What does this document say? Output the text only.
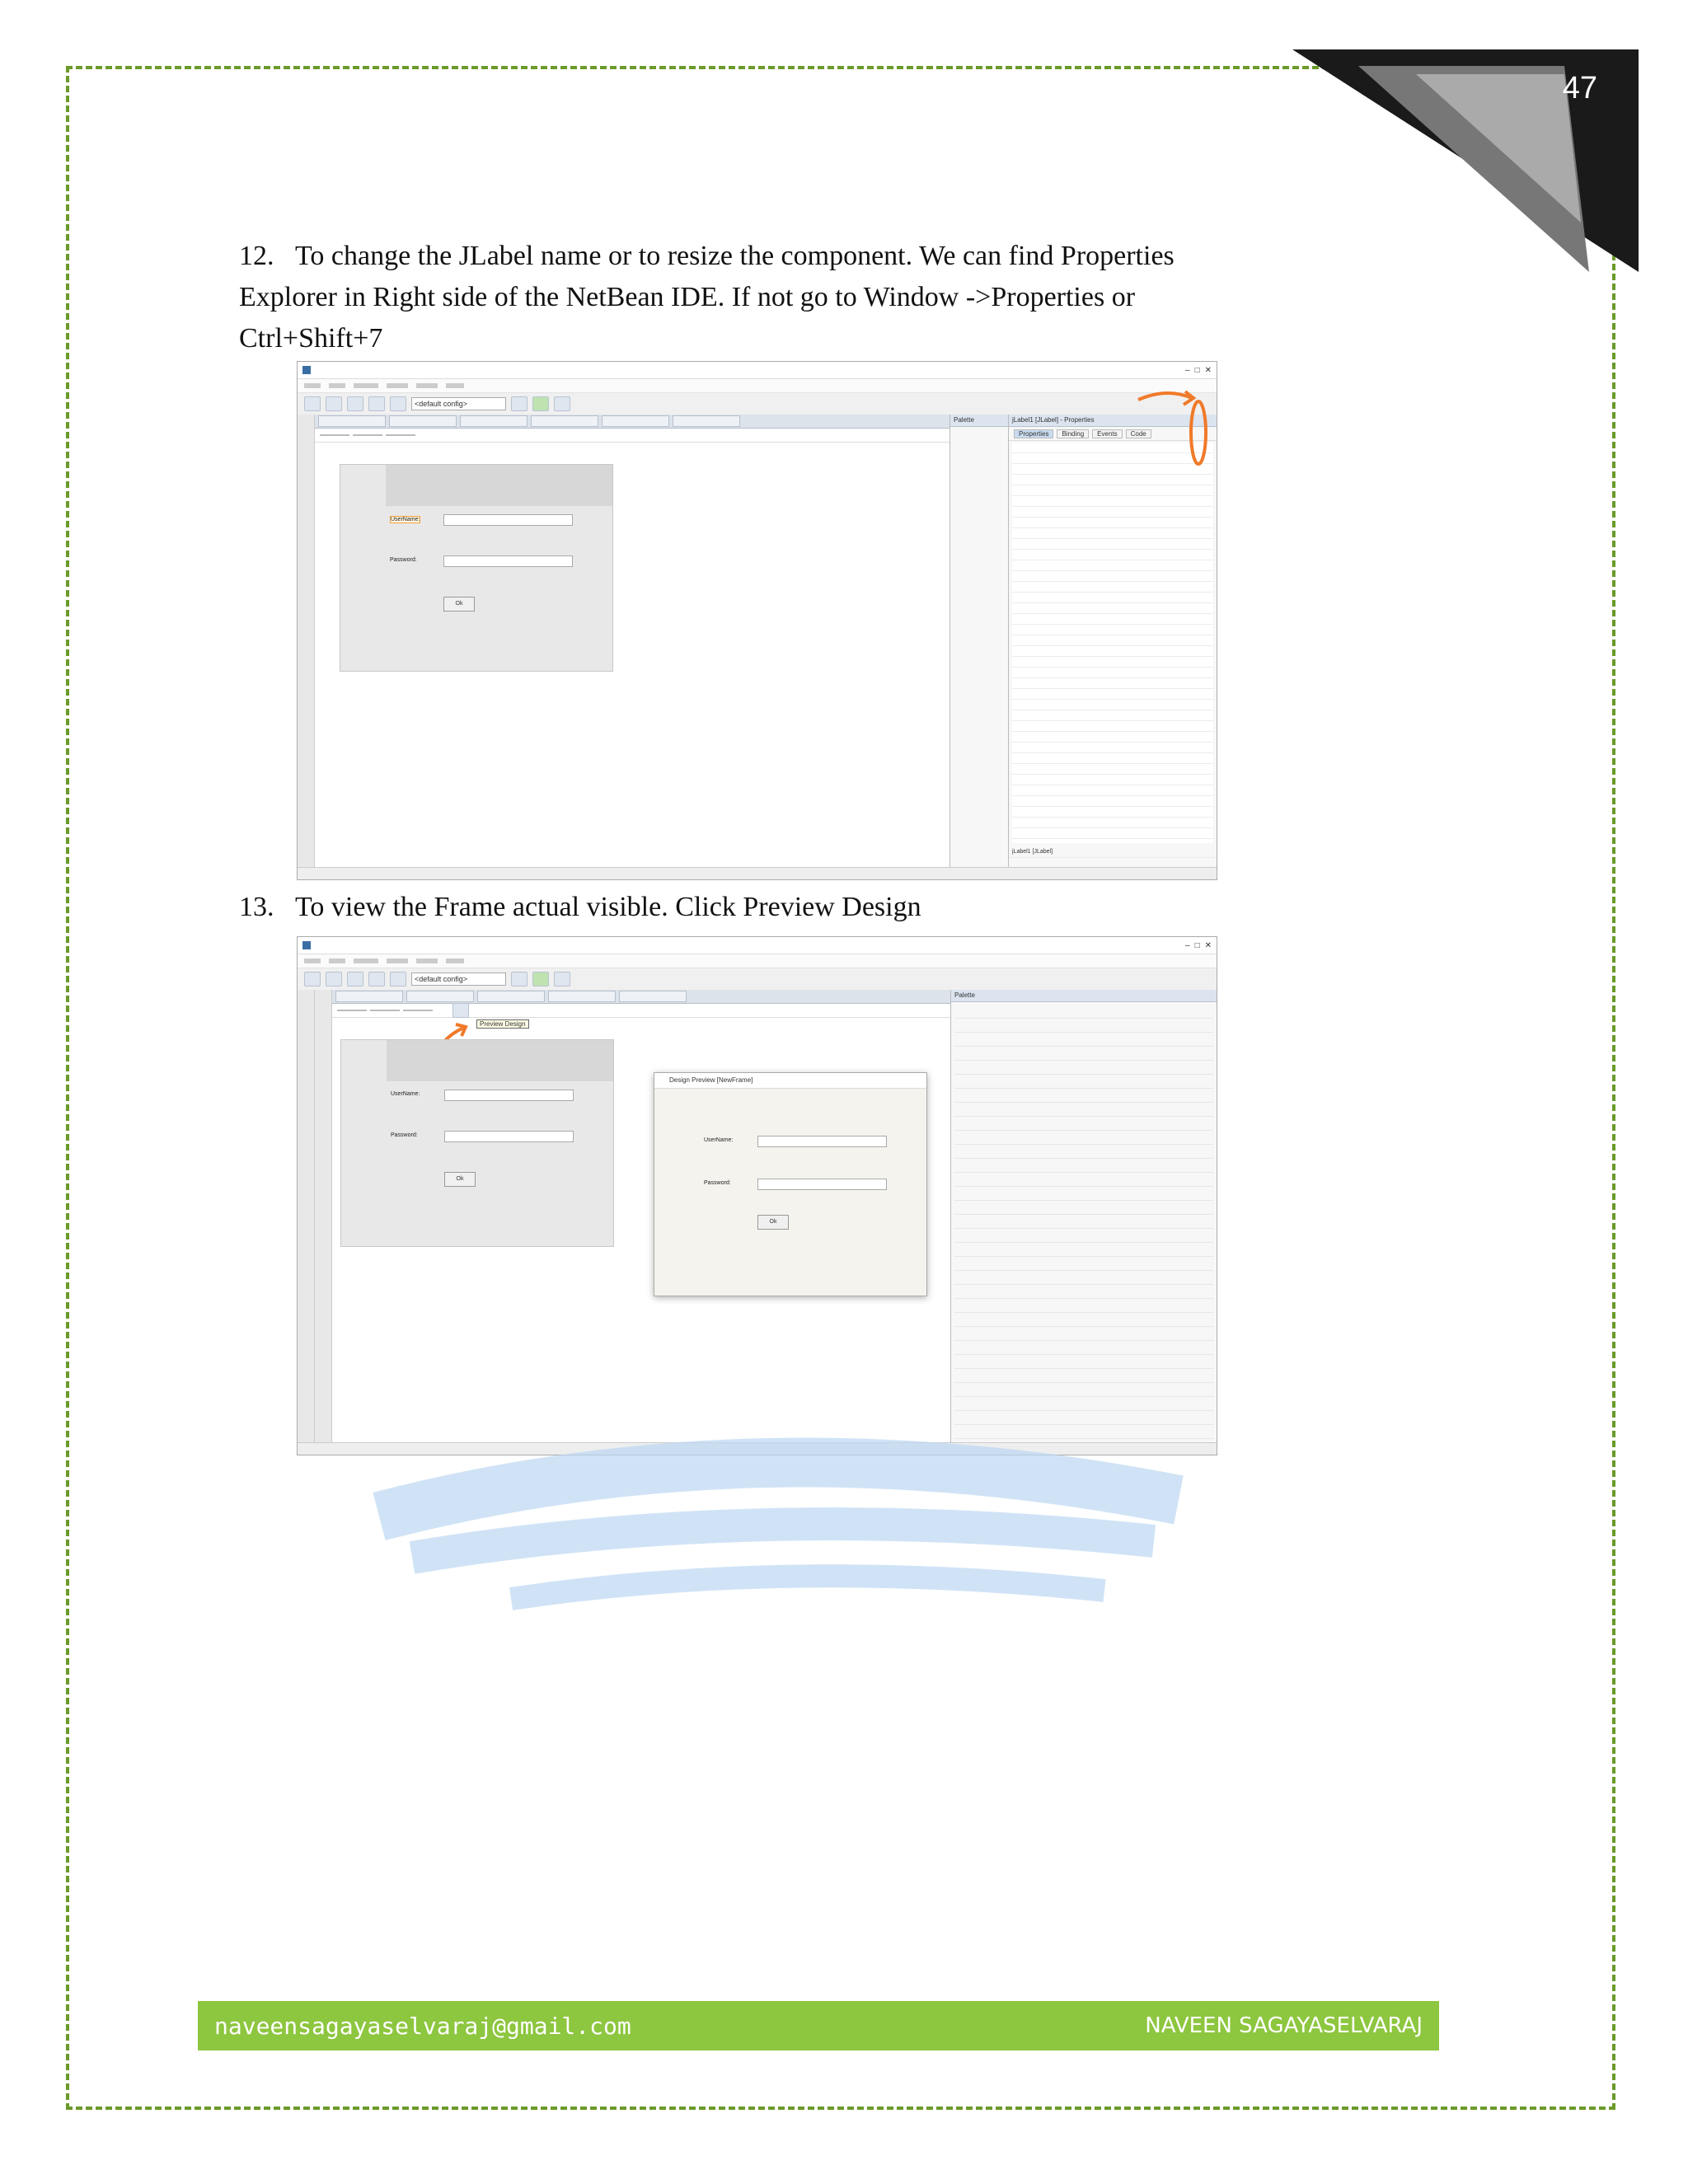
47
12. To change the JLabel name or to resize the component. We can find Properties Explorer in Right side of the NetBean IDE. If not go to Window ->Properties or Ctrl+Shift+7
– □ ✕
<default config>
UserName:
Password:
Ok
Palette	jLabel1 [JLabel] - Properties
Properties	Binding	Events	Code
jLabel1 [JLabel]
13. To view the Frame actual visible. Click Preview Design
– □ ✕
<default config>
Preview Design
UserName:
Password:
Ok
Design Preview [NewFrame]
UserName:
Password:
Ok
Palette
naveensagayaselvaraj@gmail.com	NAVEEN SAGAYASELVARAJ
